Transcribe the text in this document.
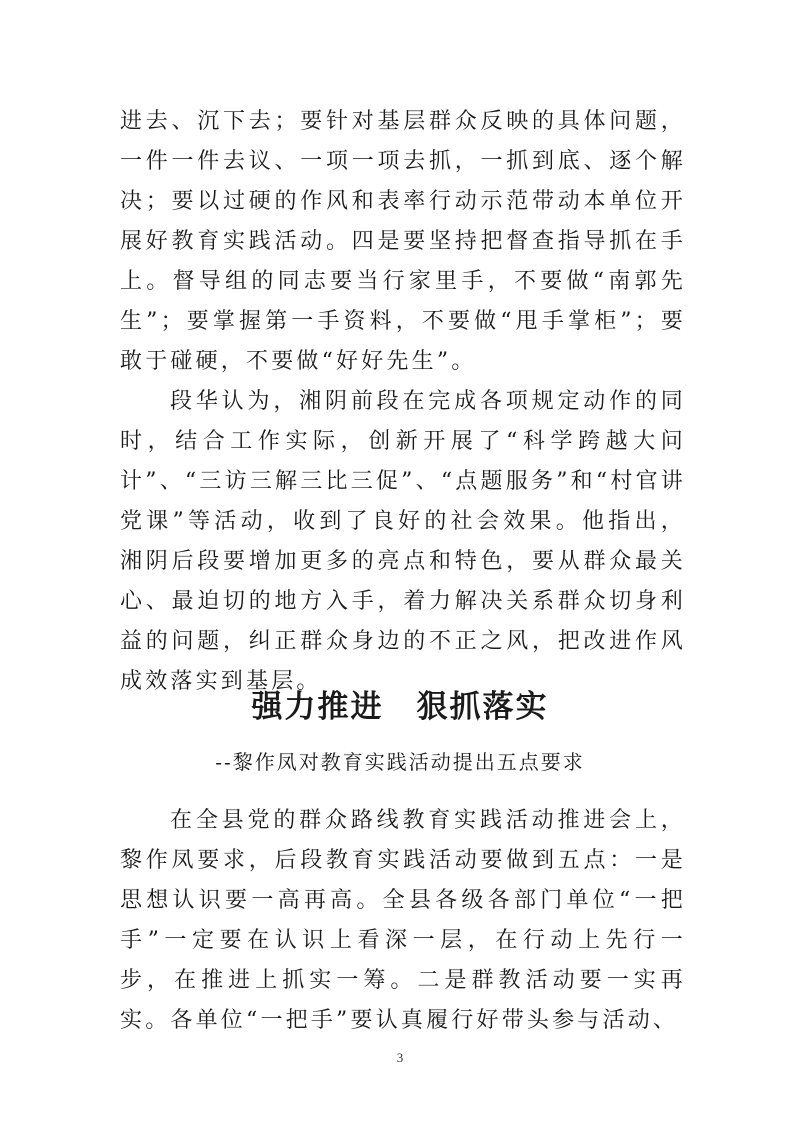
进去、沉下去；要针对基层群众反映的具体问题，一件一件去议、一项一项去抓，一抓到底、逐个解决；要以过硬的作风和表率行动示范带动本单位开展好教育实践活动。四是要坚持把督查指导抓在手上。督导组的同志要当行家里手，不要做“南郭先生”；要掌握第一手资料，不要做“甩手掌柜”；要敢于碰硬，不要做“好好先生”。

段华认为，湘阴前段在完成各项规定动作的同时，结合工作实际，创新开展了“科学跨越大问计”、“三访三解三比三促”、“点题服务”和“村官讲党课”等活动，收到了良好的社会效果。他指出，湘阴后段要增加更多的亮点和特色，要从群众最关心、最迫切的地方入手，着力解决关系群众切身利益的问题，纠正群众身边的不正之风，把改进作风成效落实到基层。

强力推进　狠抓落实

--黎作凤对教育实践活动提出五点要求

在全县党的群众路线教育实践活动推进会上，黎作凤要求，后段教育实践活动要做到五点：一是思想认识要一高再高。全县各级各部门单位“一把手”一定要在认识上看深一层，在行动上先行一步，在推进上抓实一筹。二是群教活动要一实再实。各单位“一把手”要认真履行好带头参与活动、

3
